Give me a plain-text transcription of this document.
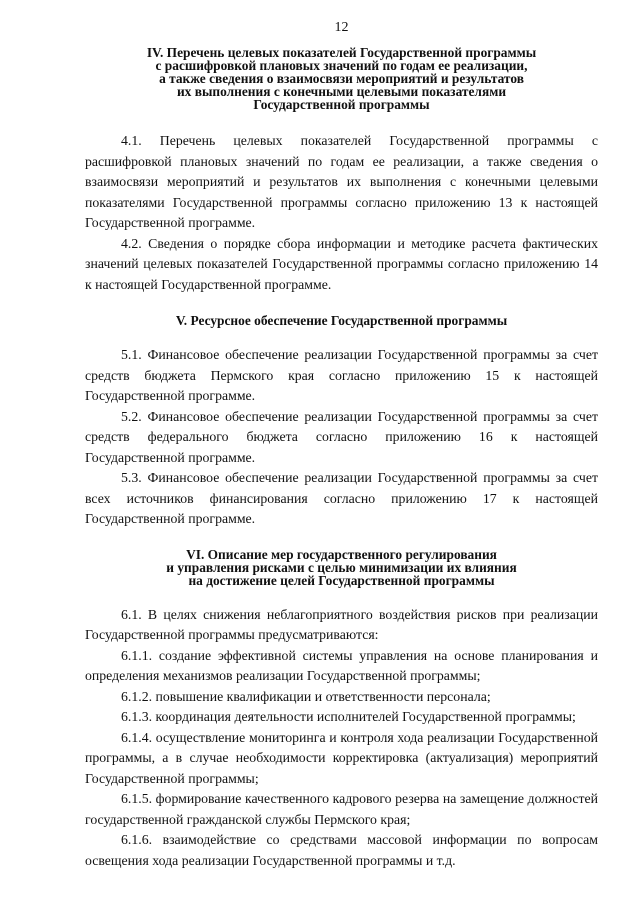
12
IV. Перечень целевых показателей Государственной программы
с расшифровкой плановых значений по годам ее реализации,
а также сведения о взаимосвязи мероприятий и результатов
их выполнения с конечными целевыми показателями
Государственной программы

4.1. Перечень целевых показателей Государственной программы с расшифровкой плановых значений по годам ее реализации, а также сведения о взаимосвязи мероприятий и результатов их выполнения с конечными целевыми показателями Государственной программы согласно приложению 13 к настоящей Государственной программе.

4.2. Сведения о порядке сбора информации и методике расчета фактических значений целевых показателей Государственной программы согласно приложению 14 к настоящей Государственной программе.

V. Ресурсное обеспечение Государственной программы

5.1. Финансовое обеспечение реализации Государственной программы за счет средств бюджета Пермского края согласно приложению 15 к настоящей Государственной программе.

5.2. Финансовое обеспечение реализации Государственной программы за счет средств федерального бюджета согласно приложению 16 к настоящей Государственной программе.

5.3. Финансовое обеспечение реализации Государственной программы за счет всех источников финансирования согласно приложению 17 к настоящей Государственной программе.

VI. Описание мер государственного регулирования
и управления рисками с целью минимизации их влияния
на достижение целей Государственной программы

6.1. В целях снижения неблагоприятного воздействия рисков при реализации Государственной программы предусматриваются:

6.1.1. создание эффективной системы управления на основе планирования и определения механизмов реализации Государственной программы;

6.1.2. повышение квалификации и ответственности персонала;

6.1.3. координация деятельности исполнителей Государственной программы;

6.1.4. осуществление мониторинга и контроля хода реализации Государственной программы, а в случае необходимости корректировка (актуализация) мероприятий Государственной программы;

6.1.5. формирование качественного кадрового резерва на замещение должностей государственной гражданской службы Пермского края;

6.1.6. взаимодействие со средствами массовой информации по вопросам освещения хода реализации Государственной программы и т.д.
